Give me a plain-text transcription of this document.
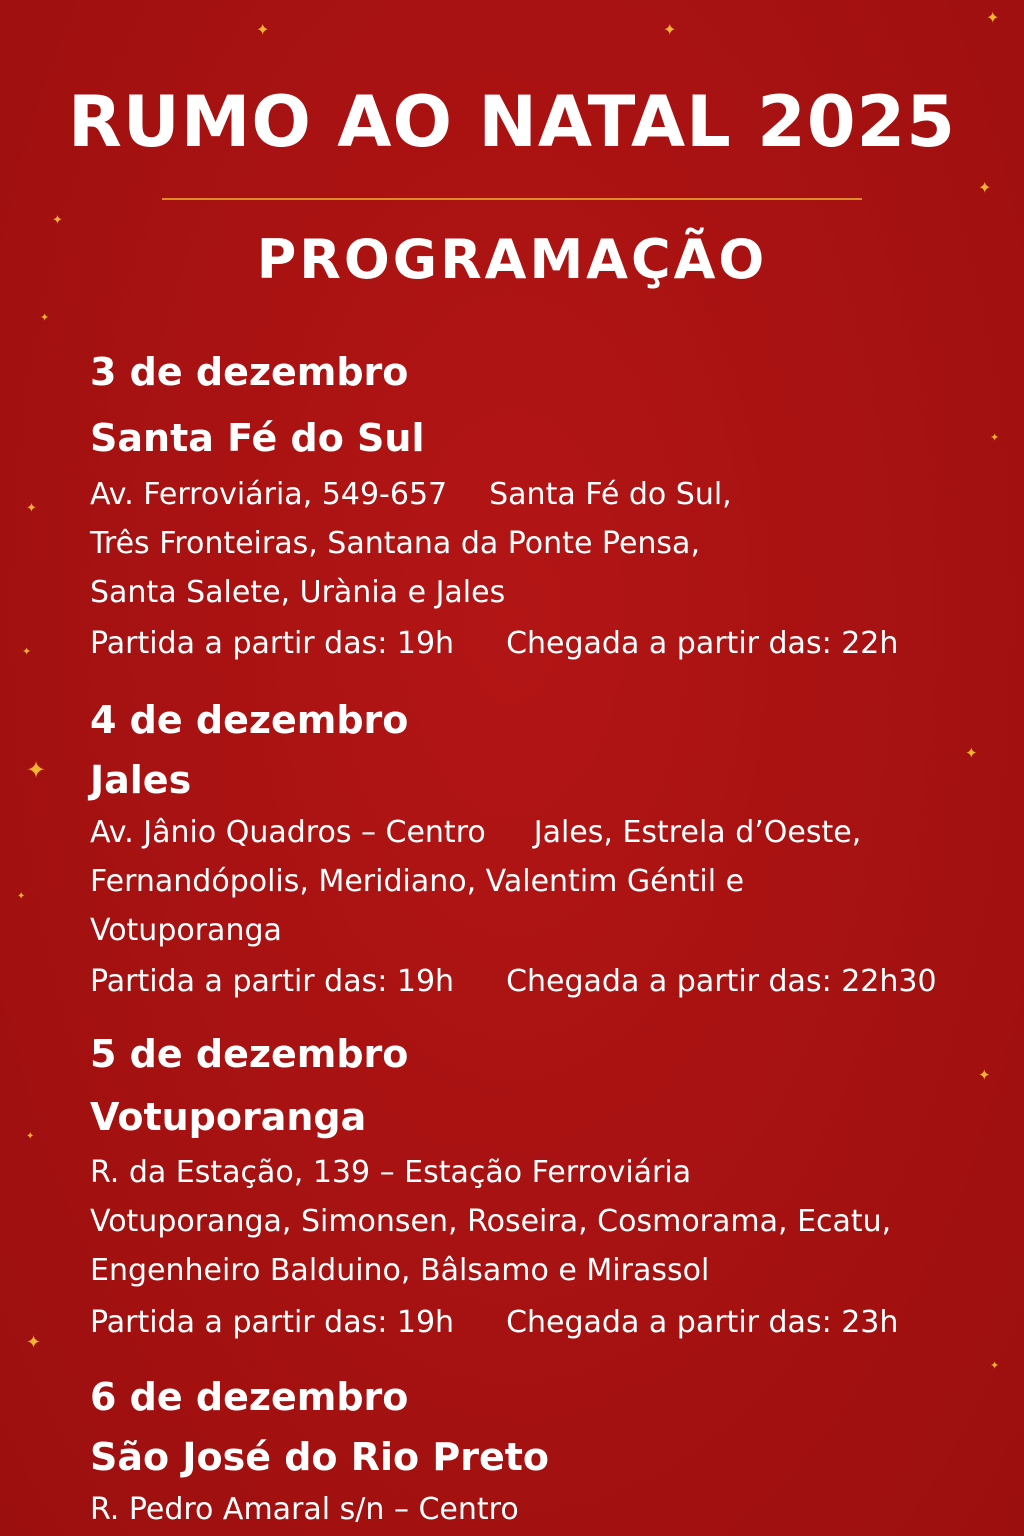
✦	✦
✦
✦
✦
✦
✦
✦
✦
✦
✦
✦
✦
✦
✦
✦
RUMO AO NATAL 2025
PROGRAMAÇÃO

3 de dezembro

Santa Fé do Sul

Av. Ferroviária, 549-657 Santa Fé do Sul,

Três Fronteiras, Santana da Ponte Pensa,

Santa Salete, Urània e Jales

Partida a partir das: 19h Chegada a partir das: 22h

4 de dezembro

Jales

Av. Jânio Quadros – Centro Jales, Estrela d’Oeste,

Fernandópolis, Meridiano, Valentim Géntil e

Votuporanga

Partida a partir das: 19h Chegada a partir das: 22h30

5 de dezembro

Votuporanga

R. da Estação, 139 – Estação Ferroviária

Votuporanga, Simonsen, Roseira, Cosmorama, Ecatu,

Engenheiro Balduino, Bâlsamo e Mirassol

Partida a partir das: 19h Chegada a partir das: 23h

6 de dezembro

São José do Rio Preto

R. Pedro Amaral s/n – Centro
